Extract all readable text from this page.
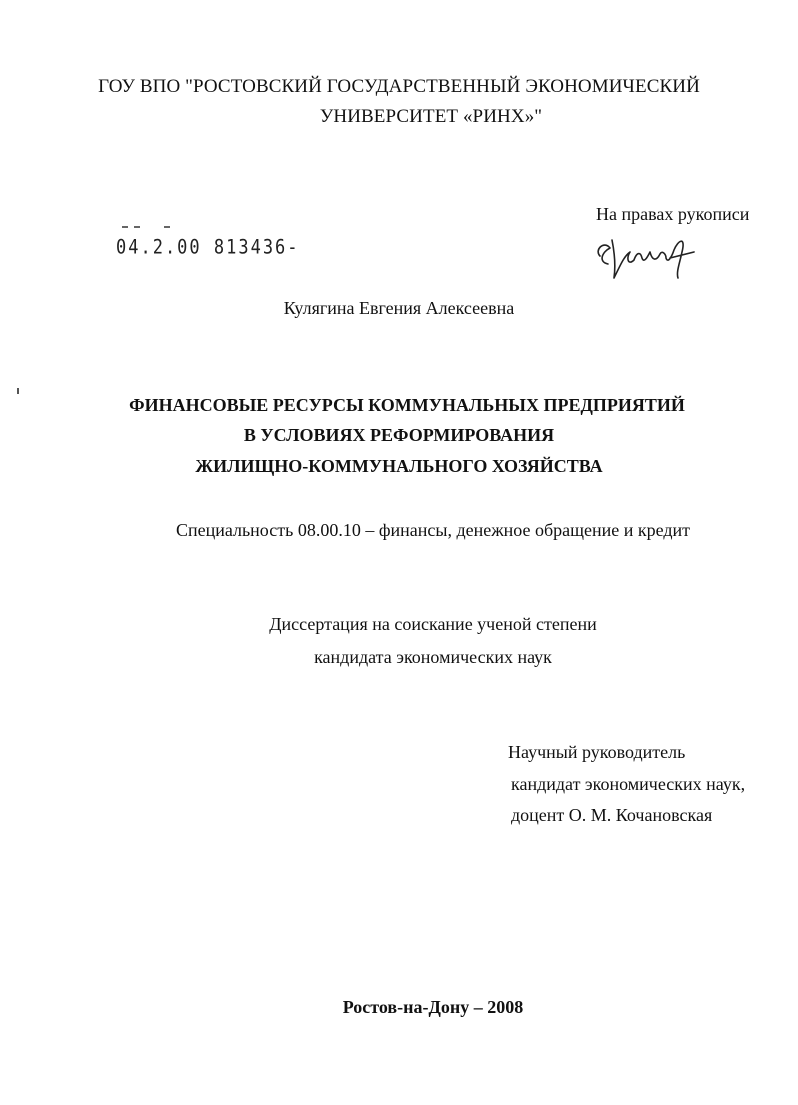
ГОУ ВПО "РОСТОВСКИЙ ГОСУДАРСТВЕННЫЙ ЭКОНОМИЧЕСКИЙ
УНИВЕРСИТЕТ «РИНХ»"
На правах рукописи
04.2.00 813436-
Кулягина Евгения Алексеевна
ФИНАНСОВЫЕ РЕСУРСЫ КОММУНАЛЬНЫХ ПРЕДПРИЯТИЙ
В УСЛОВИЯХ РЕФОРМИРОВАНИЯ
ЖИЛИЩНО-КОММУНАЛЬНОГО ХОЗЯЙСТВА
Специальность 08.00.10 – финансы, денежное обращение и кредит
Диссертация на соискание ученой степени
кандидата экономических наук
Научный руководитель
кандидат экономических наук,
доцент О. М. Кочановская
Ростов-на-Дону – 2008
